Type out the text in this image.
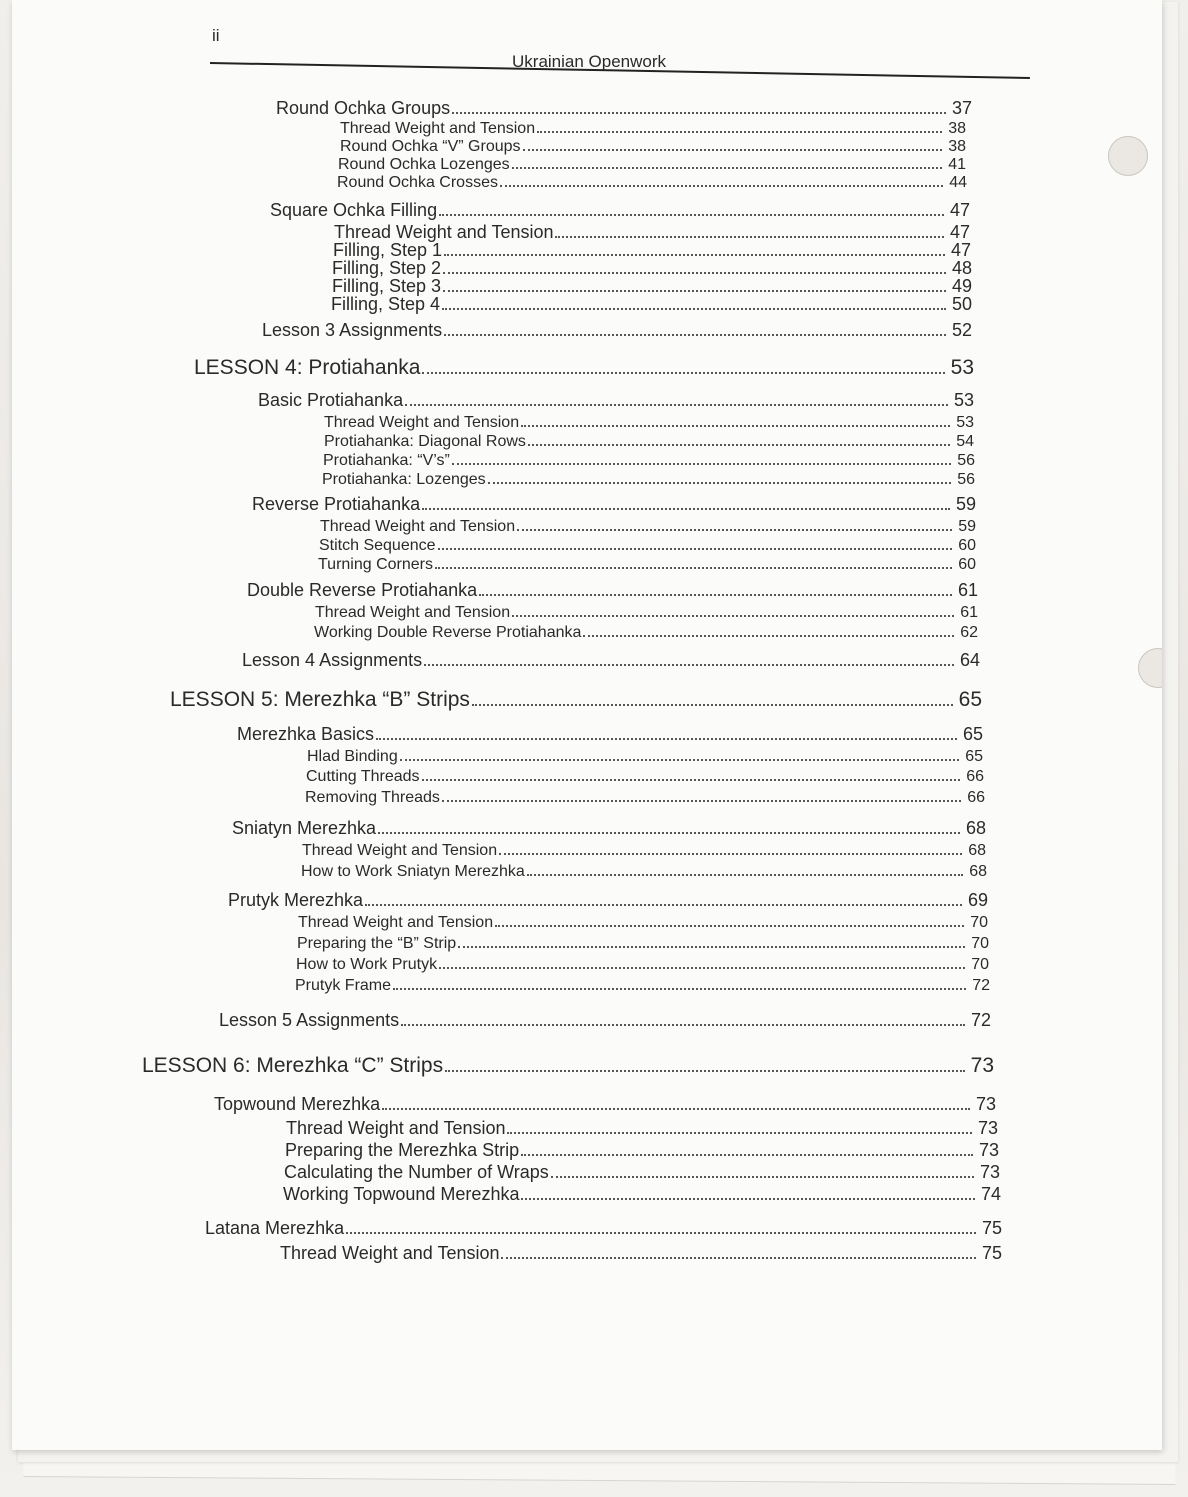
ii
Ukrainian Openwork
Round Ochka Groups	37
Thread Weight and Tension	38
Round Ochka “V” Groups	38
Round Ochka Lozenges	41
Round Ochka Crosses	44
Square Ochka Filling	47
Thread Weight and Tension	47
Filling, Step 1	47
Filling, Step 2	48
Filling, Step 3	49
Filling, Step 4	50
Lesson 3 Assignments	52
LESSON 4: Protiahanka	53
Basic Protiahanka	53
Thread Weight and Tension	53
Protiahanka: Diagonal Rows	54
Protiahanka: “V’s”	56
Protiahanka: Lozenges	56
Reverse Protiahanka	59
Thread Weight and Tension	59
Stitch Sequence	60
Turning Corners	60
Double Reverse Protiahanka	61
Thread Weight and Tension	61
Working Double Reverse Protiahanka	62
Lesson 4 Assignments	64
LESSON 5: Merezhka “B” Strips	65
Merezhka Basics	65
Hlad Binding	65
Cutting Threads	66
Removing Threads	66
Sniatyn Merezhka	68
Thread Weight and Tension	68
How to Work Sniatyn Merezhka	68
Prutyk Merezhka	69
Thread Weight and Tension	70
Preparing the “B” Strip	70
How to Work Prutyk	70
Prutyk Frame	72
Lesson 5 Assignments	72
LESSON 6: Merezhka “C” Strips	73
Topwound Merezhka	73
Thread Weight and Tension	73
Preparing the Merezhka Strip	73
Calculating the Number of Wraps	73
Working Topwound Merezhka	74
Latana Merezhka	75
Thread Weight and Tension	75
